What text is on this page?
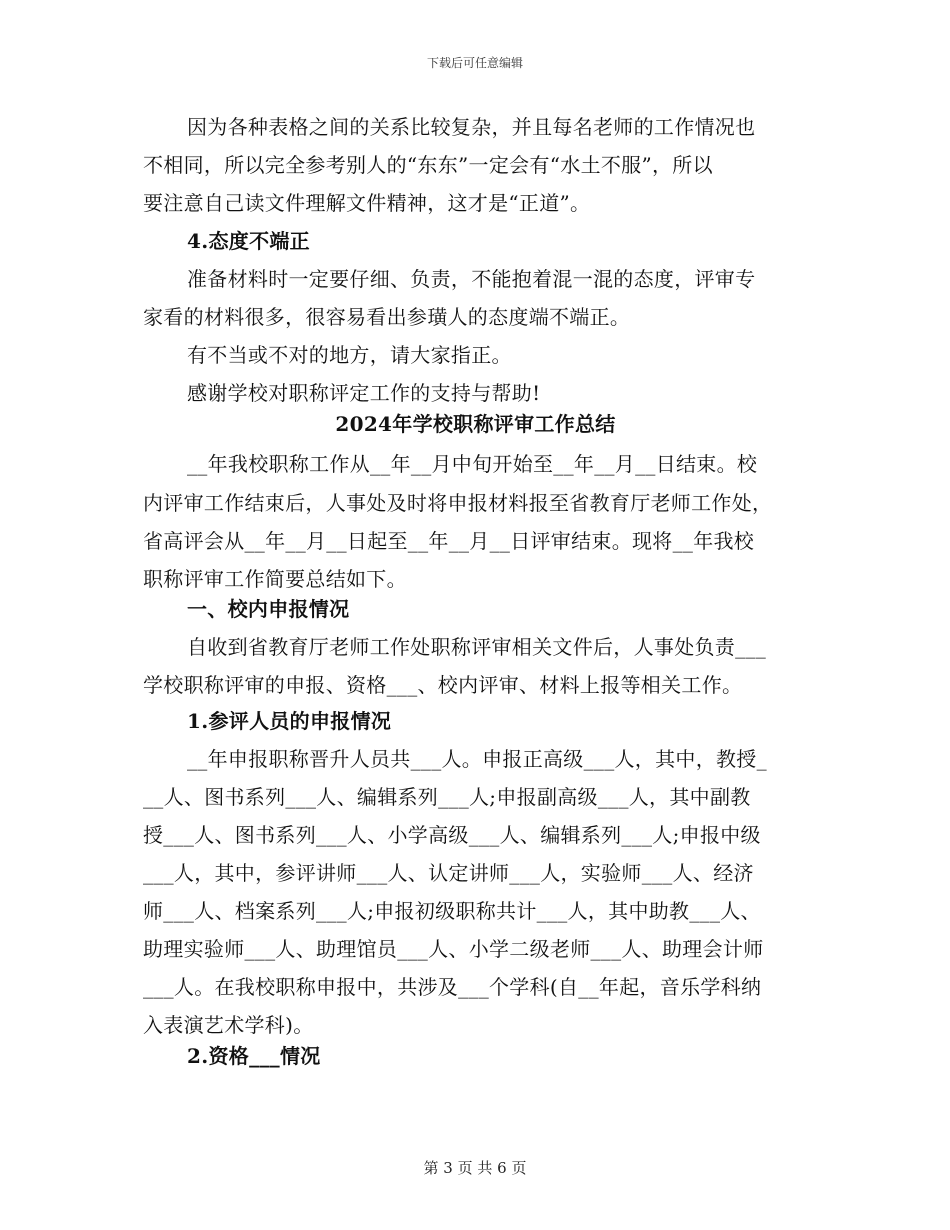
下载后可任意编辑
因为各种表格之间的关系比较复杂，并且每名老师的工作情况也
不相同，所以完全参考别人的“东东”一定会有“水土不服”，所以
要注意自己读文件理解文件精神，这才是“正道”。
4.态度不端正
准备材料时一定要仔细、负责，不能抱着混一混的态度，评审专
家看的材料很多，很容易看出参璜人的态度端不端正。
有不当或不对的地方，请大家指正。
感谢学校对职称评定工作的支持与帮助!
2024年学校职称评审工作总结
__年我校职称工作从__年__月中旬开始至__年__月__日结束。校
内评审工作结束后，人事处及时将申报材料报至省教育厅老师工作处，
省高评会从__年__月__日起至__年__月__日评审结束。现将__年我校
职称评审工作简要总结如下。
一、校内申报情况
自收到省教育厅老师工作处职称评审相关文件后，人事处负责___
学校职称评审的申报、资格___、校内评审、材料上报等相关工作。
1.参评人员的申报情况
__年申报职称晋升人员共___人。申报正高级___人，其中，教授_
__人、图书系列___人、编辑系列___人;申报副高级___人，其中副教
授___人、图书系列___人、小学高级___人、编辑系列___人;申报中级
___人，其中，参评讲师___人、认定讲师___人，实验师___人、经济
师___人、档案系列___人;申报初级职称共计___人，其中助教___人、
助理实验师___人、助理馆员___人、小学二级老师___人、助理会计师
___人。在我校职称申报中，共涉及___个学科(自__年起，音乐学科纳
入表演艺术学科)。
2.资格___情况
第 3 页 共 6 页
